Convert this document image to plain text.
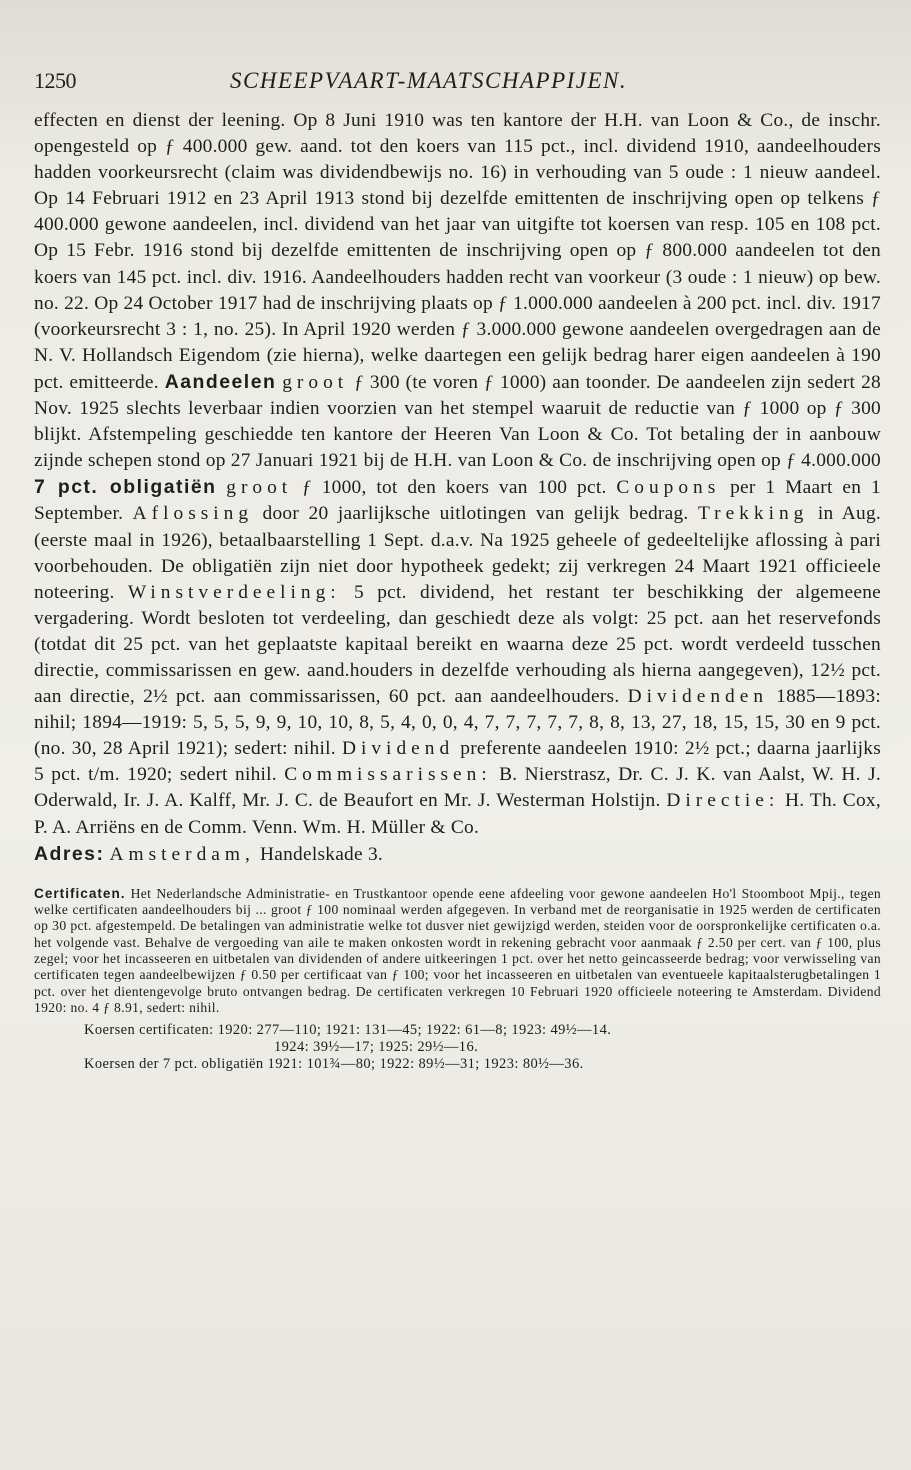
1250	SCHEEPVAART-MAATSCHAPPIJEN.

effecten en dienst der leening. Op 8 Juni 1910 was ten kantore der H.H. van Loon & Co., de inschr. opengesteld op ƒ 400.000 gew. aand. tot den koers van 115 pct., incl. dividend 1910, aandeelhouders hadden voorkeursrecht (claim was dividendbewijs no. 16) in verhouding van 5 oude : 1 nieuw aandeel. Op 14 Februari 1912 en 23 April 1913 stond bij dezelfde emittenten de inschrijving open op telkens ƒ 400.000 gewone aandeelen, incl. dividend van het jaar van uitgifte tot koersen van resp. 105 en 108 pct. Op 15 Febr. 1916 stond bij dezelfde emittenten de inschrijving open op ƒ 800.000 aandeelen tot den koers van 145 pct. incl. div. 1916. Aandeelhouders hadden recht van voorkeur (3 oude : 1 nieuw) op bew. no. 22. Op 24 October 1917 had de inschrijving plaats op ƒ 1.000.000 aandeelen à 200 pct. incl. div. 1917 (voorkeursrecht 3 : 1, no. 25). In April 1920 werden ƒ 3.000.000 gewone aandeelen overgedragen aan de N. V. Hollandsch Eigendom (zie hierna), welke daartegen een gelijk bedrag harer eigen aandeelen à 190 pct. emitteerde. Aandeelen groot ƒ 300 (te voren ƒ 1000) aan toonder. De aandeelen zijn sedert 28 Nov. 1925 slechts leverbaar indien voorzien van het stempel waaruit de reductie van ƒ 1000 op ƒ 300 blijkt. Afstempeling geschiedde ten kantore der Heeren Van Loon & Co. Tot betaling der in aanbouw zijnde schepen stond op 27 Januari 1921 bij de H.H. van Loon & Co. de inschrijving open op ƒ 4.000.000 7 pct. obligatiën groot ƒ 1000, tot den koers van 100 pct. Coupons per 1 Maart en 1 September. Aflossing door 20 jaarlijksche uitlotingen van gelijk bedrag. Trekking in Aug. (eerste maal in 1926), betaalbaarstelling 1 Sept. d.a.v. Na 1925 geheele of gedeeltelijke aflossing à pari voorbehouden. De obligatiën zijn niet door hypotheek gedekt; zij verkregen 24 Maart 1921 officieele noteering. Winstverdeeling: 5 pct. dividend, het restant ter beschikking der algemeene vergadering. Wordt besloten tot verdeeling, dan geschiedt deze als volgt: 25 pct. aan het reservefonds (totdat dit 25 pct. van het geplaatste kapitaal bereikt en waarna deze 25 pct. wordt verdeeld tusschen directie, commissarissen en gew. aand.houders in dezelfde verhouding als hierna aangegeven), 12½ pct. aan directie, 2½ pct. aan commissarissen, 60 pct. aan aandeelhouders. Dividenden 1885—1893: nihil; 1894—1919: 5, 5, 5, 9, 9, 10, 10, 8, 5, 4, 0, 0, 4, 7, 7, 7, 7, 7, 8, 8, 13, 27, 18, 15, 15, 30 en 9 pct. (no. 30, 28 April 1921); sedert: nihil. Dividend preferente aandeelen 1910: 2½ pct.; daarna jaarlijks 5 pct. t/m. 1920; sedert nihil. Commissarissen: B. Nierstrasz, Dr. C. J. K. van Aalst, W. H. J. Oderwald, Ir. J. A. Kalff, Mr. J. C. de Beaufort en Mr. J. Westerman Holstijn. Directie: H. Th. Cox, P. A. Arriëns en de Comm. Venn. Wm. H. Müller & Co.

Adres: Amsterdam, Handelskade 3.

Certificaten. Het Nederlandsche Administratie- en Trustkantoor opende eene afdeeling voor gewone aandeelen Ho'l Stoomboot Mpij., tegen welke certificaten aandeelhouders bij ... groot ƒ 100 nominaal werden afgegeven. In verband met de reorganisatie in 1925 werden de certificaten op 30 pct. afgestempeld. De betalingen van administratie welke tot dusver niet gewijzigd werden, steiden voor de oorspronkelijke certificaten o.a. het volgende vast. Behalve de vergoeding van aile te maken onkosten wordt in rekening gebracht voor aanmaak ƒ 2.50 per cert. van ƒ 100, plus zegel; voor het incasseeren en uitbetalen van dividenden of andere uitkeeringen 1 pct. over het netto geincasseerde bedrag; voor verwisseling van certificaten tegen aandeelbewijzen ƒ 0.50 per certificaat van ƒ 100; voor het incasseeren en uitbetalen van eventueele kapitaalsterugbetalingen 1 pct. over het dientengevolge bruto ontvangen bedrag. De certificaten verkregen 10 Februari 1920 officieele noteering te Amsterdam. Dividend 1920: no. 4 ƒ 8.91, sedert: nihil.

Koersen certificaten: 1920: 277—110; 1921: 131—45; 1922: 61—8; 1923: 49½—14.
1924: 39½—17; 1925: 29½—16.
Koersen der 7 pct. obligatiën 1921: 101¾—80; 1922: 89½—31; 1923: 80½—36.
